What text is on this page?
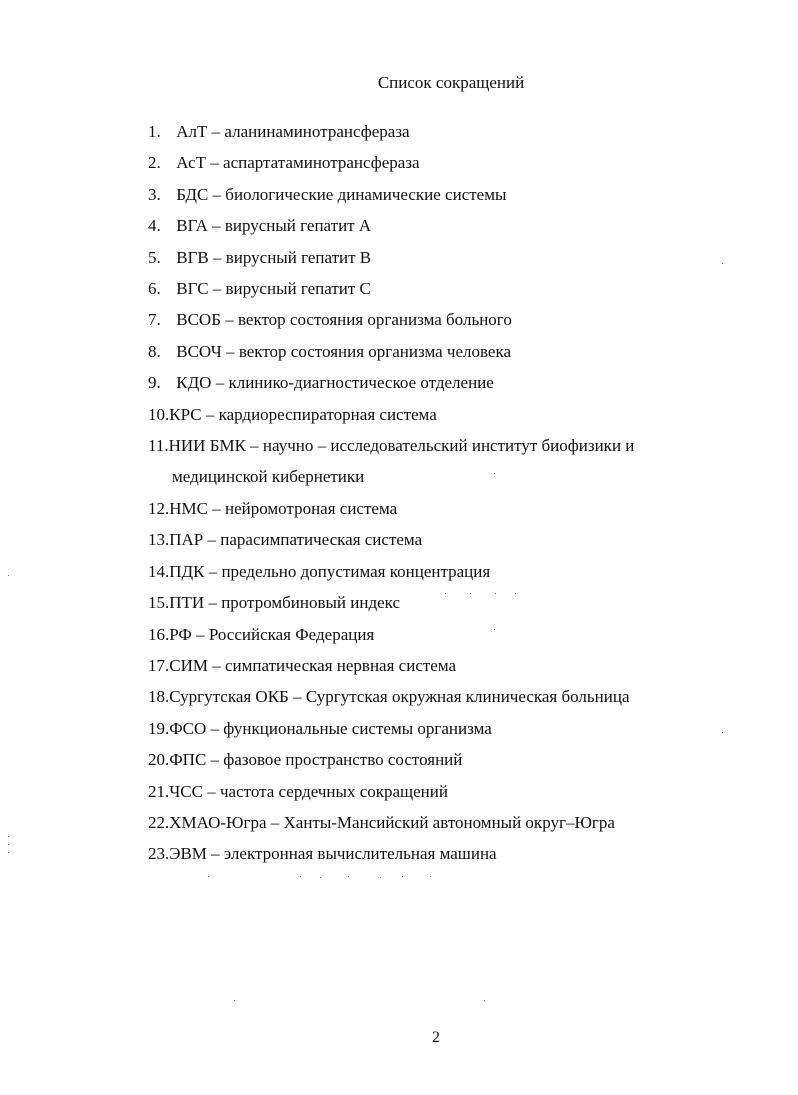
Список сокращений
1. АлТ – аланинаминотрансфераза
2. АсТ – аспартатаминотрансфераза
3. БДС – биологические динамические системы
4. ВГА – вирусный гепатит А
5. ВГВ – вирусный гепатит В
6. ВГС – вирусный гепатит С
7. ВСОБ – вектор состояния организма больного
8. ВСОЧ – вектор состояния организма человека
9. КДО – клинико-диагностическое отделение
10.КРС – кардиореспираторная система
11.НИИ БМК – научно – исследовательский институт биофизики и
медицинской кибернетики
12.НМС – нейромотроная система
13.ПАР – парасимпатическая система
14.ПДК – предельно допустимая концентрация
15.ПТИ – протромбиновый индекс
16.РФ – Российская Федерация
17.СИМ – симпатическая нервная система
18.Сургутская ОКБ – Сургутская окружная клиническая больница
19.ФСО – функциональные системы организма
20.ФПС – фазовое пространство состояний
21.ЧСС – частота сердечных сокращений
22.ХМАО-Югра – Ханты-Мансийский автономный округ–Югра
23.ЭВМ – электронная вычислительная машина
2
